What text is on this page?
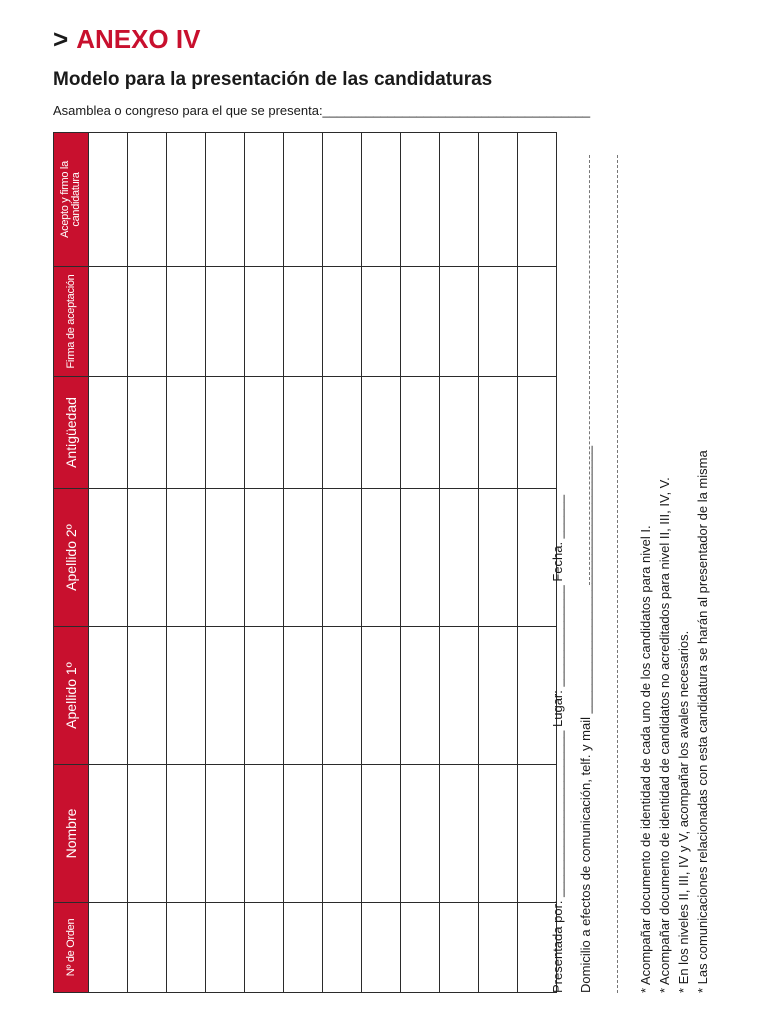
> ANEXO IV
Modelo para la presentación de las candidaturas

Asamblea o congreso para el que se presenta:_____________________________________

Nº de Orden	Nombre	Apellido 1º	Apellido 2º	Antigüedad	Firma de aceptación	Acepto y firmo la candidatura

Presentada por: _______________________ Lugar: ______________ Fecha. ______ Domicilio a efectos de comunicación, telf. y mail _____________________________________	* Acompañar documento de identidad de cada uno de los candidatos para nivel I. * Acompañar documento de identidad de candidatos no acreditados para nivel II, III, IV, V. * En los niveles II, III, IV y V, acompañar los avales necesarios. * Las comunicaciones relacionadas con esta candidatura se harán al presentador de la misma
